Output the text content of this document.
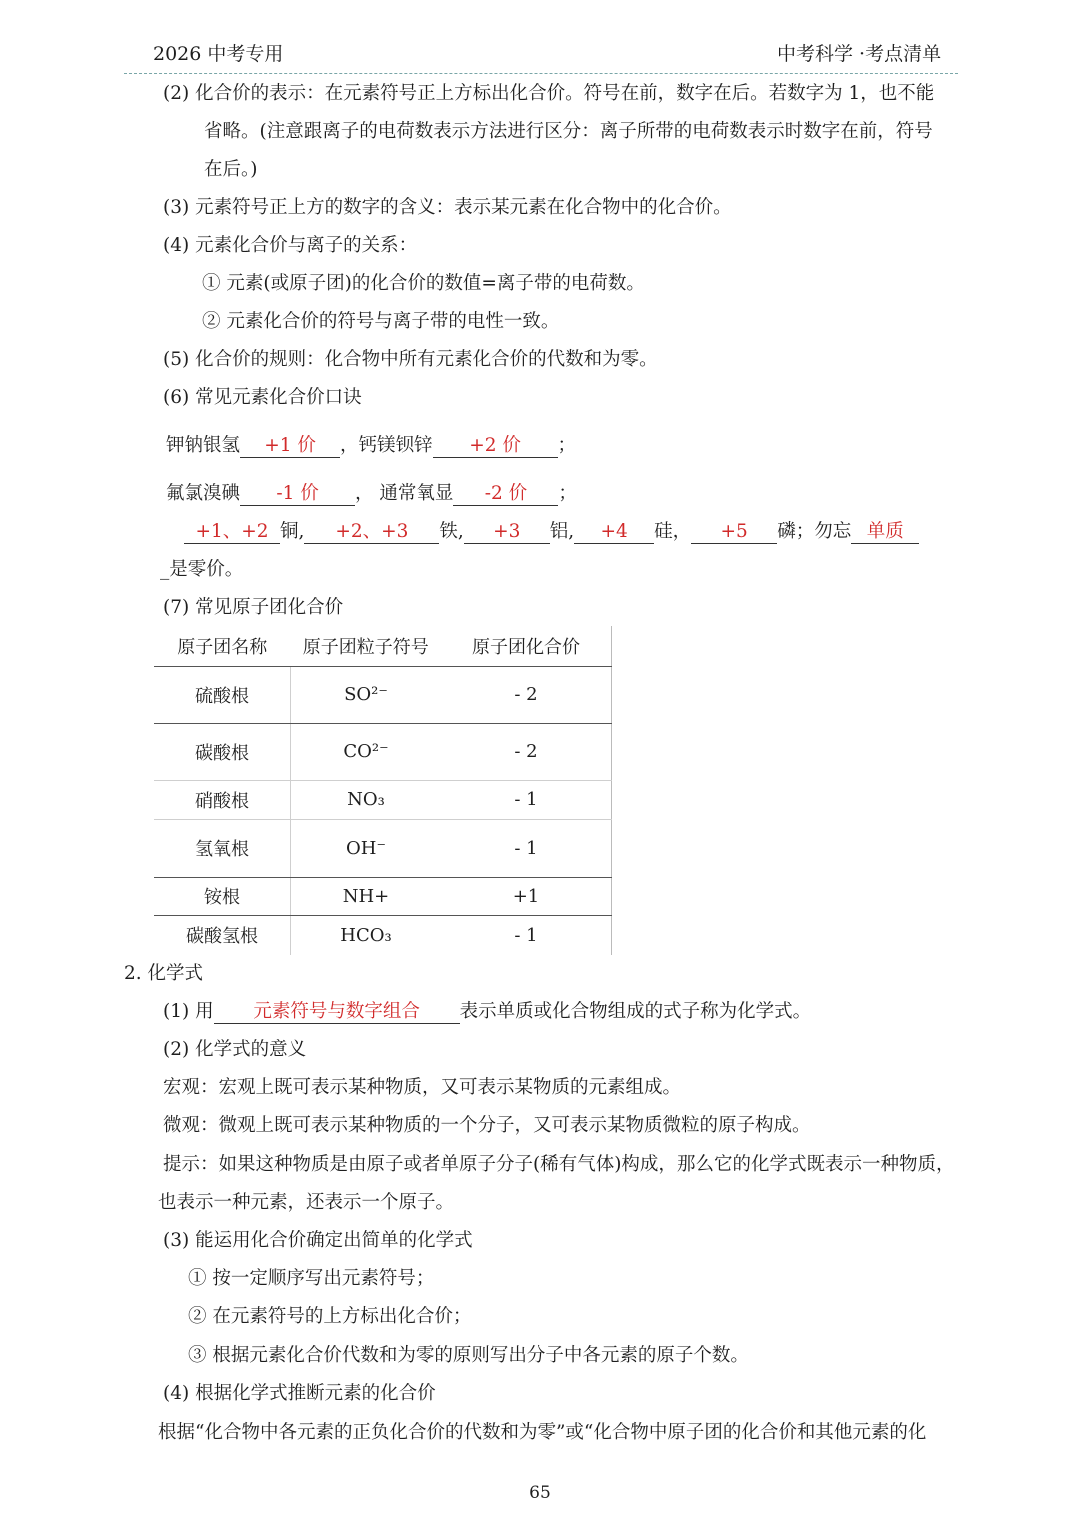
2026 中考专用	中考科学 ·考点清单
(2) 化合价的表示：在元素符号正上方标出化合价。符号在前，数字在后。若数字为 1，也不能
省略。(注意跟离子的电荷数表示方法进行区分：离子所带的电荷数表示时数字在前，符号
在后。)
(3) 元素符号正上方的数字的含义：表示某元素在化合物中的化合价。
(4) 元素化合价与离子的关系：
① 元素(或原子团)的化合价的数值=离子带的电荷数。
② 元素化合价的符号与离子带的电性一致。
(5) 化合价的规则：化合物中所有元素化合价的代数和为零。
(6) 常见元素化合价口诀
钾钠银氢 +1 价 ，钙镁钡锌 +2 价 ；
氟氯溴碘 -1 价 ， 通常氧显 -2 价 ；
+1、+2 铜, +2、+3 铁, +3 铝, +4 硅， +5 磷；勿忘 单质
_是零价。
(7) 常见原子团化合价
原子团名称	原子团粒子符号	原子团化合价
硫酸根	SO²⁻	- 2
碳酸根	CO²⁻	- 2
硝酸根	NO₃	- 1
氢氧根	OH⁻	- 1
铵根	NH+	+1
碳酸氢根	HCO₃	- 1
2. 化学式
(1) 用 元素符号与数字组合 表示单质或化合物组成的式子称为化学式。
(2) 化学式的意义
宏观：宏观上既可表示某种物质，又可表示某物质的元素组成。
微观：微观上既可表示某种物质的一个分子，又可表示某物质微粒的原子构成。
提示：如果这种物质是由原子或者单原子分子(稀有气体)构成，那么它的化学式既表示一种物质，
也表示一种元素，还表示一个原子。
(3) 能运用化合价确定出简单的化学式
① 按一定顺序写出元素符号；
② 在元素符号的上方标出化合价；
③ 根据元素化合价代数和为零的原则写出分子中各元素的原子个数。
(4) 根据化学式推断元素的化合价
根据“化合物中各元素的正负化合价的代数和为零”或“化合物中原子团的化合价和其他元素的化
65
